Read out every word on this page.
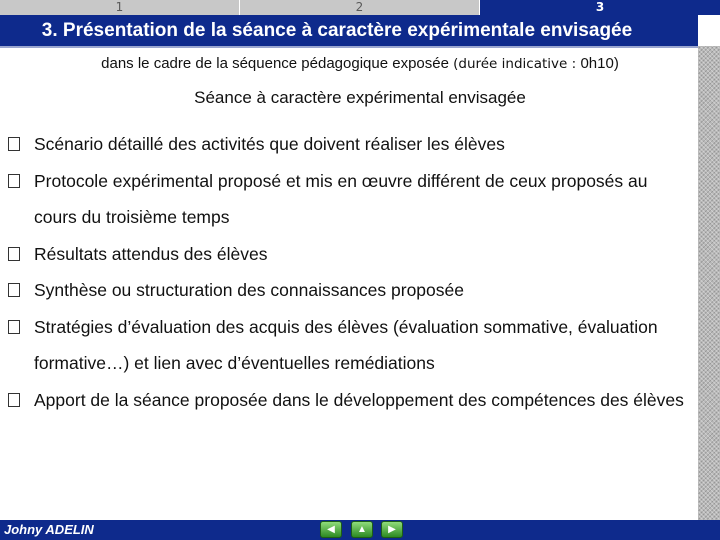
1	2	3
3. Présentation de la séance à caractère expérimentale envisagée
dans le cadre de la séquence pédagogique exposée (durée indicative : 0h10)
Séance à caractère expérimental envisagée
Scénario détaillé des activités que doivent réaliser les élèves
Protocole expérimental proposé et mis en œuvre différent de ceux proposés au cours du troisième temps
Résultats attendus des élèves
Synthèse ou structuration des connaissances proposée
Stratégies d’évaluation des acquis des élèves (évaluation sommative, évaluation formative…) et lien avec d’éventuelles remédiations
Apport de la séance proposée dans le développement des compétences des élèves
Johny ADELIN	◀	▲	▶
